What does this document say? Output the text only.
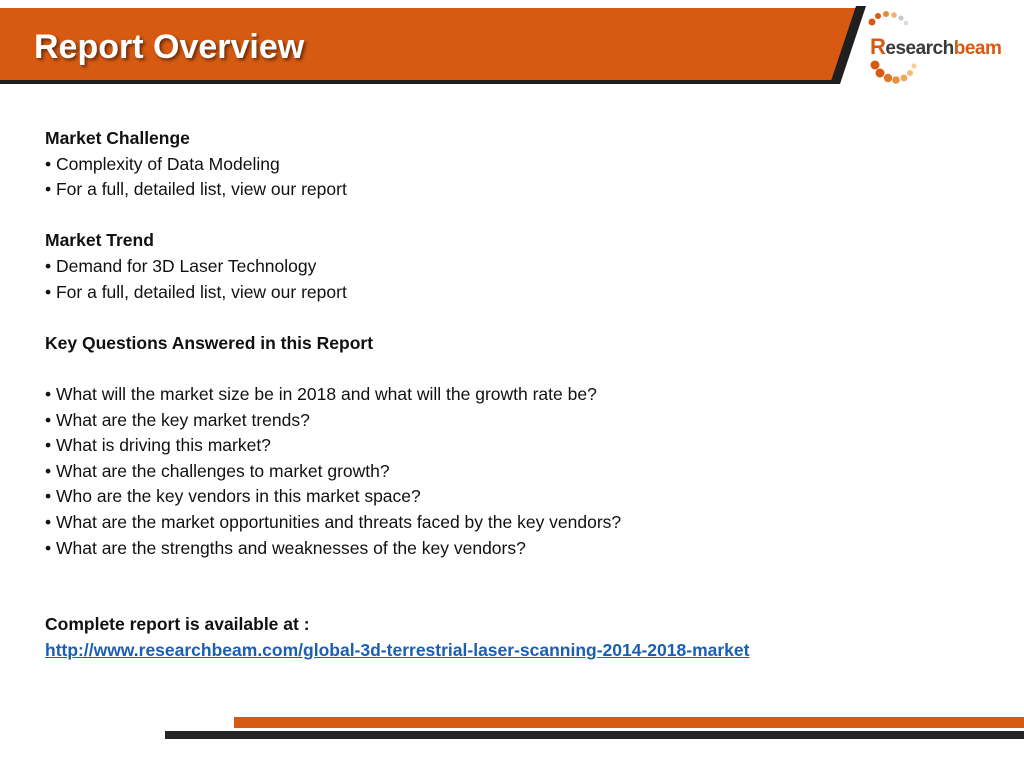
Report Overview	Researchbeam
Market Challenge
• Complexity of Data Modeling
• For a full, detailed list, view our report
Market Trend
• Demand for 3D Laser Technology
• For a full, detailed list, view our report
Key Questions Answered in this Report
• What will the market size be in 2018 and what will the growth rate be?
• What are the key market trends?
• What is driving this market?
• What are the challenges to market growth?
• Who are the key vendors in this market space?
• What are the market opportunities and threats faced by the key vendors?
• What are the strengths and weaknesses of the key vendors?
Complete report is available at :
http://www.researchbeam.com/global-3d-terrestrial-laser-scanning-2014-2018-market
